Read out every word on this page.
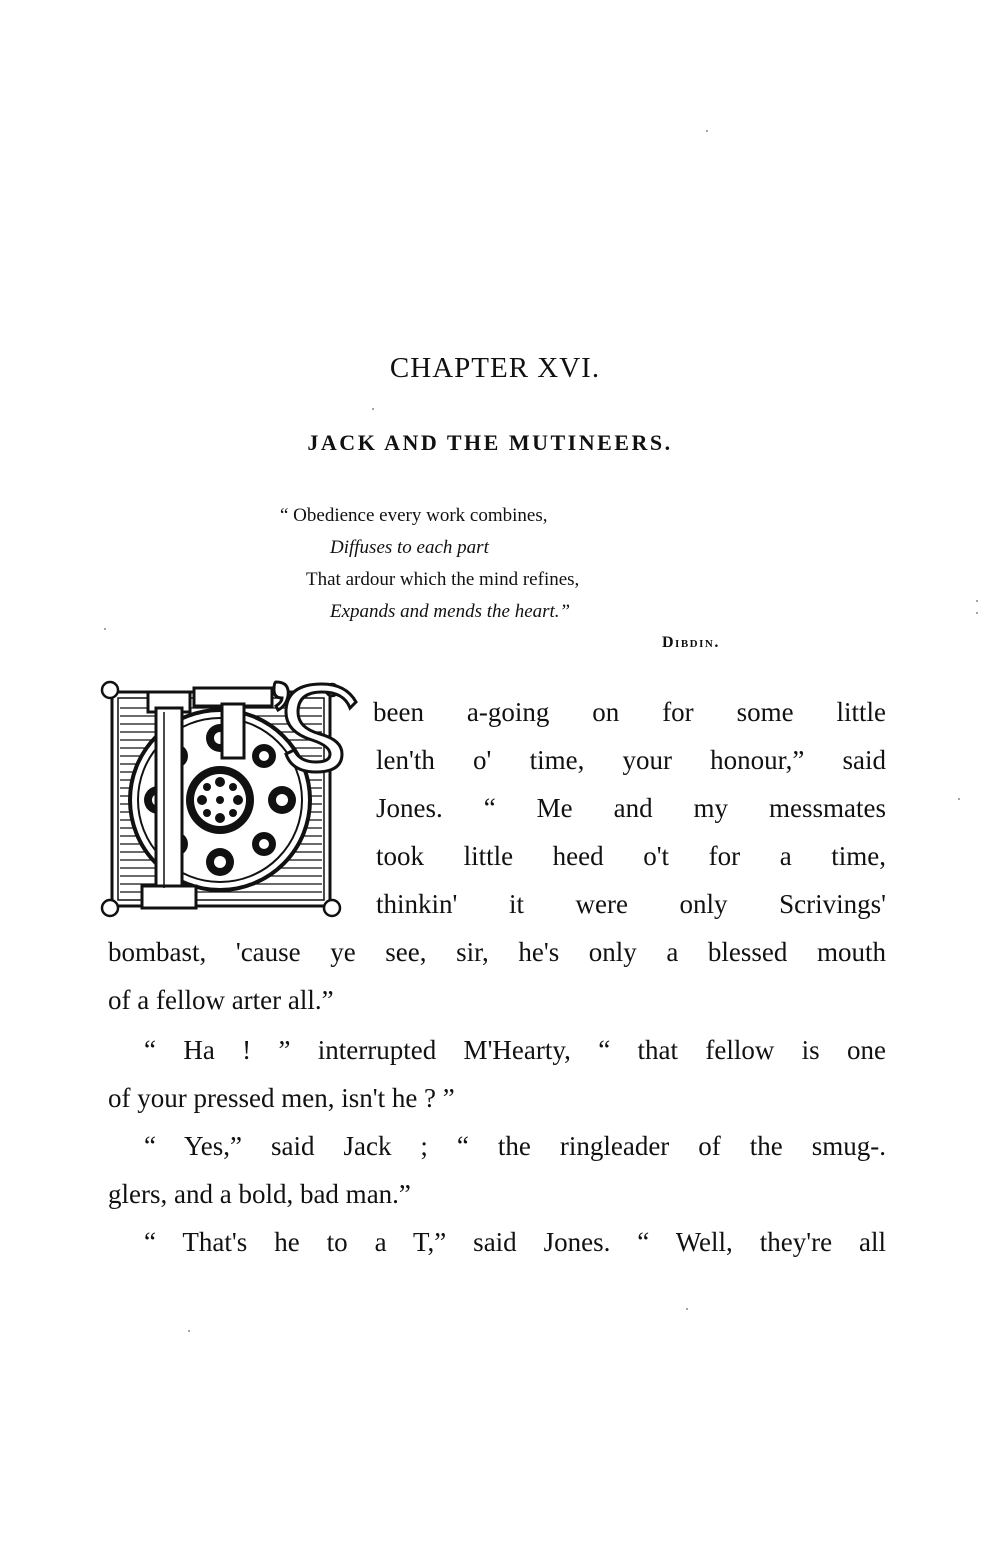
CHAPTER XVI.
JACK AND THE MUTINEERS.
“ Obedience every work combines,
Diffuses to each part
That ardour which the mind refines,
Expands and mends the heart.”
Dibdin.
been a-going on for some little
len'th o' time, your honour,” said
Jones. “ Me and my messmates
took little heed o't for a time,
thinkin' it were only Scrivings'
bombast, 'cause ye see, sir, he's only a blessed mouth
of a fellow arter all.”
“ Ha ! ” interrupted M'Hearty, “ that fellow is one
of your pressed men, isn't he ? ”
“ Yes,” said Jack ; “ the ringleader of the smug-.
glers, and a bold, bad man.”
“ That's he to a T,” said Jones. “ Well, they're all
